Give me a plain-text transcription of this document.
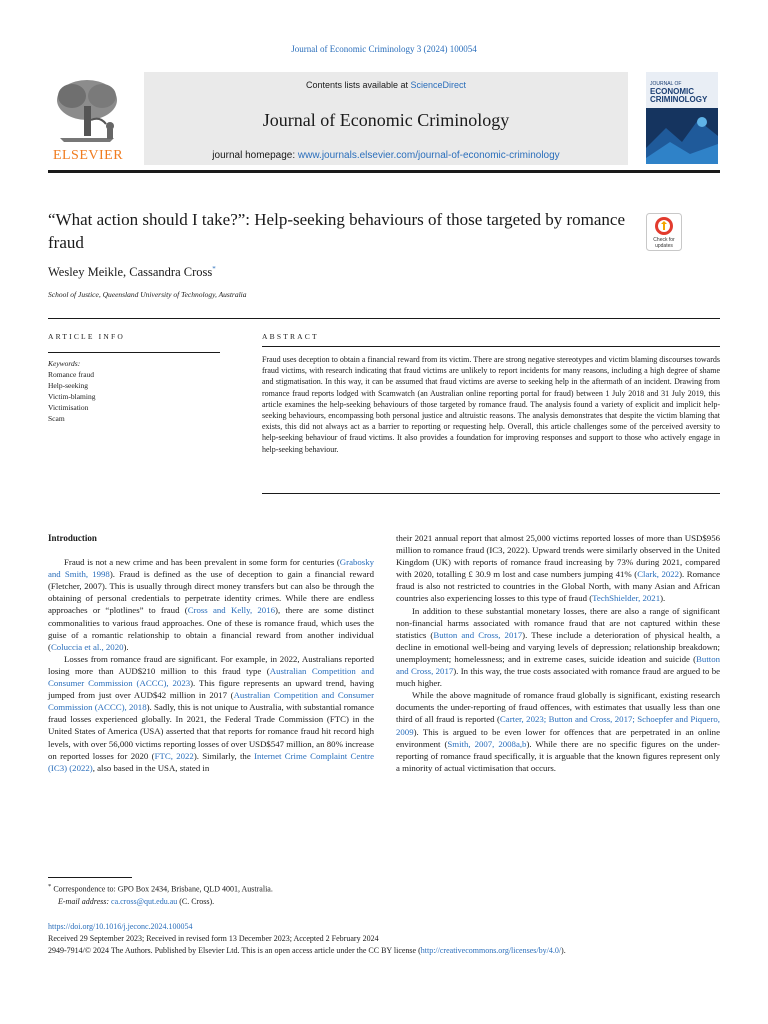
Journal of Economic Criminology 3 (2024) 100054
ELSEVIER
Contents lists available at ScienceDirect
Journal of Economic Criminology
journal homepage: www.journals.elsevier.com/journal-of-economic-criminology
JOURNAL OF
ECONOMIC
CRIMINOLOGY
“What action should I take?”: Help-seeking behaviours of those targeted by romance fraud	Check for updates
Wesley Meikle, Cassandra Cross*
School of Justice, Queensland University of Technology, Australia
ARTICLE INFO	ABSTRACT
Keywords:
Romance fraud
Help-seeking
Victim-blaming
Victimisation
Scam
Fraud uses deception to obtain a financial reward from its victim. There are strong negative stereotypes and victim blaming discourses towards fraud victims, with research indicating that fraud victims are unlikely to report incidents for many reasons, including a high degree of shame and stigmatisation. In this way, it can be assumed that fraud victims are averse to seeking help in the aftermath of an incident. Drawing from romance fraud reports lodged with Scamwatch (an Australian online reporting portal for fraud) between 1 July 2018 and 31 July 2019, this article examines the help-seeking behaviours of those targeted by romance fraud. The analysis found a variety of explicit and implicit help-seeking behaviours, encompassing both personal justice and altruistic reasons. The analysis demonstrates that despite the victim blaming that exists, this did not always act as a barrier to reporting or requesting help. Overall, this article challenges some of the perceived aversity to help-seeking behaviour of fraud victims. It also provides a foundation for improving responses and support to those who actively engage in help-seeking behaviour.
Introduction

Fraud is not a new crime and has been prevalent in some form for centuries (Grabosky and Smith, 1998). Fraud is defined as the use of deception to gain a financial reward (Fletcher, 2007). This is usually through direct money transfers but can also be through the obtaining of personal credentials to perpetrate identity crimes. While there are endless approaches or “plotlines” to fraud (Cross and Kelly, 2016), there are some distinct commonalities to various fraud approaches. One of these is romance fraud, which uses the guise of a romantic relationship to obtain a financial reward from another individual (Coluccia et al., 2020).

Losses from romance fraud are significant. For example, in 2022, Australians reported losing more than AUD$210 million to this fraud type (Australian Competition and Consumer Commission (ACCC), 2023). This figure represents an upward trend, having jumped from just over AUD$42 million in 2017 (Australian Competition and Consumer Commission (ACCC), 2018). Sadly, this is not unique to Australia, with substantial romance fraud losses experienced globally. In 2021, the Federal Trade Commission (FTC) in the United States of America (USA) asserted that that reports for romance fraud hit record high levels, with over 56,000 victims reporting losses of over USD$547 million, an 80% increase on reported losses for 2020 (FTC, 2022). Similarly, the Internet Crime Complaint Centre (IC3) (2022), also based in the USA, stated in

their 2021 annual report that almost 25,000 victims reported losses of more than USD$956 million to romance fraud (IC3, 2022). Upward trends were similarly observed in the United Kingdom (UK) with reports of romance fraud increasing by 73% during 2021, compared with 2020, totalling £ 30.9 m lost and case numbers jumping 41% (Clark, 2022). Romance fraud is also not restricted to countries in the Global North, with many Asian and African countries also experiencing losses to this type of fraud (TechShielder, 2021).

In addition to these substantial monetary losses, there are also a range of significant non-financial harms associated with romance fraud that are not captured within these statistics (Button and Cross, 2017). These include a deterioration of physical health, a decline in emotional well-being and varying levels of depression; relationship breakdown; unemployment; homelessness; and in extreme cases, suicide ideation and suicide (Button and Cross, 2017). In this way, the true costs associated with romance fraud are argued to be much higher.

While the above magnitude of romance fraud globally is significant, existing research documents the under-reporting of fraud offences, with estimates that usually less than one third of all fraud is reported (Carter, 2023; Button and Cross, 2017; Schoepfer and Piquero, 2009). This is argued to be even lower for offences that are perpetrated in an online environment (Smith, 2007, 2008a,b). While there are no specific figures on the under-reporting of romance fraud specifically, it is arguable that the known figures represent only a minority of actual victimisation that occurs.

* Correspondence to: GPO Box 2434, Brisbane, QLD 4001, Australia.
E-mail address: ca.cross@qut.edu.au (C. Cross).
https://doi.org/10.1016/j.jeconc.2024.100054
Received 29 September 2023; Received in revised form 13 December 2023; Accepted 2 February 2024
2949-7914/© 2024 The Authors. Published by Elsevier Ltd. This is an open access article under the CC BY license (http://creativecommons.org/licenses/by/4.0/).
